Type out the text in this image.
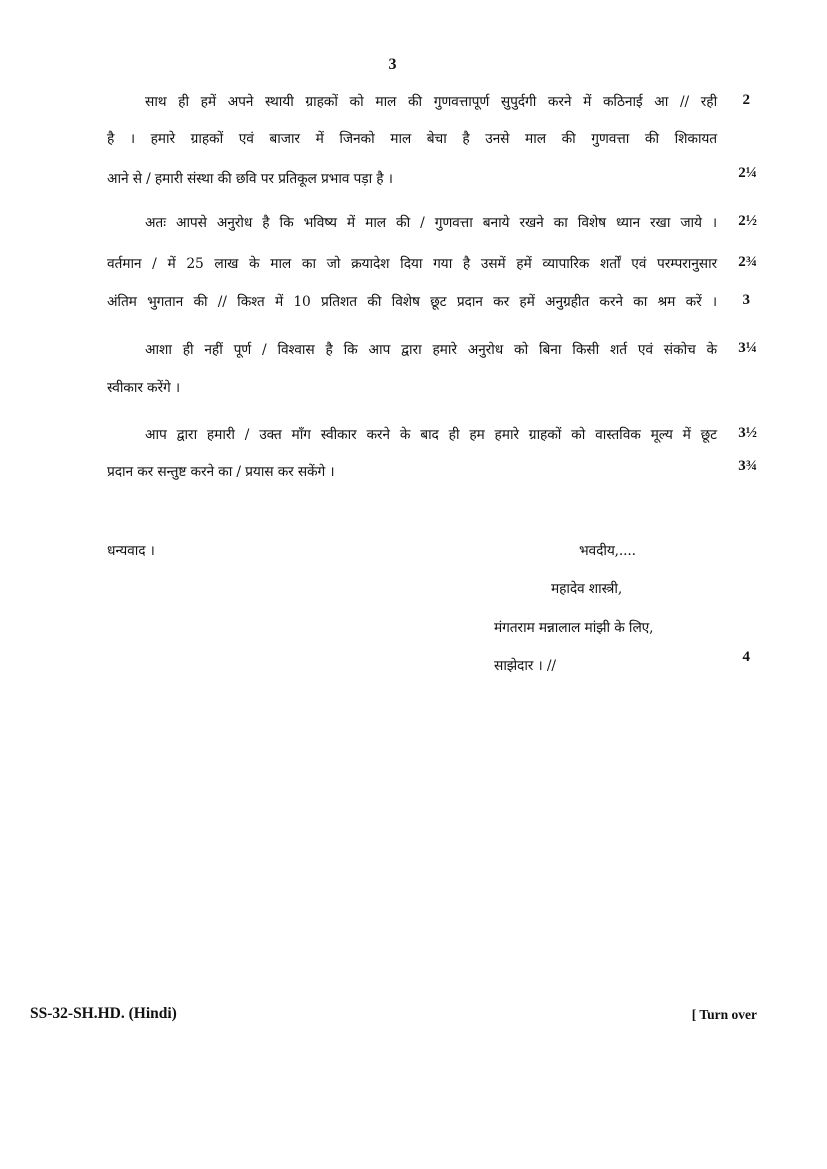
3
साथ ही हमें अपने स्थायी ग्राहकों को माल की गुणवत्तापूर्ण सुपुर्दगी करने में कठिनाई आ // रही
है । हमारे ग्राहकों एवं बाजार में जिनको माल बेचा है उनसे माल की गुणवत्ता की शिकायत
आने से / हमारी संस्था की छवि पर प्रतिकूल प्रभाव पड़ा है ।
अतः आपसे अनुरोध है कि भविष्य में माल की / गुणवत्ता बनाये रखने का विशेष ध्यान रखा जाये ।
वर्तमान / में 25 लाख के माल का जो क्रयादेश दिया गया है उसमें हमें व्यापारिक शर्तों एवं परम्परानुसार
अंतिम भुगतान की // किश्त में 10 प्रतिशत की विशेष छूट प्रदान कर हमें अनुग्रहीत करने का श्रम करें ।
आशा ही नहीं पूर्ण / विश्वास है कि आप द्वारा हमारे अनुरोध को बिना किसी शर्त एवं संकोच के
स्वीकार करेंगे ।
आप द्वारा हमारी / उक्त माँग स्वीकार करने के बाद ही हम हमारे ग्राहकों को वास्तविक मूल्य में छूट
प्रदान कर सन्तुष्ट करने का / प्रयास कर सकेंगे ।
2
2¼
2½
2¾
3
3¼
3½
3¾
4
धन्यवाद ।	भवदीय,....
महादेव शास्त्री,
मंगतराम मन्नालाल मांझी के लिए,
साझेदार । //
SS-32-SH.HD. (Hindi)	[ Turn over
